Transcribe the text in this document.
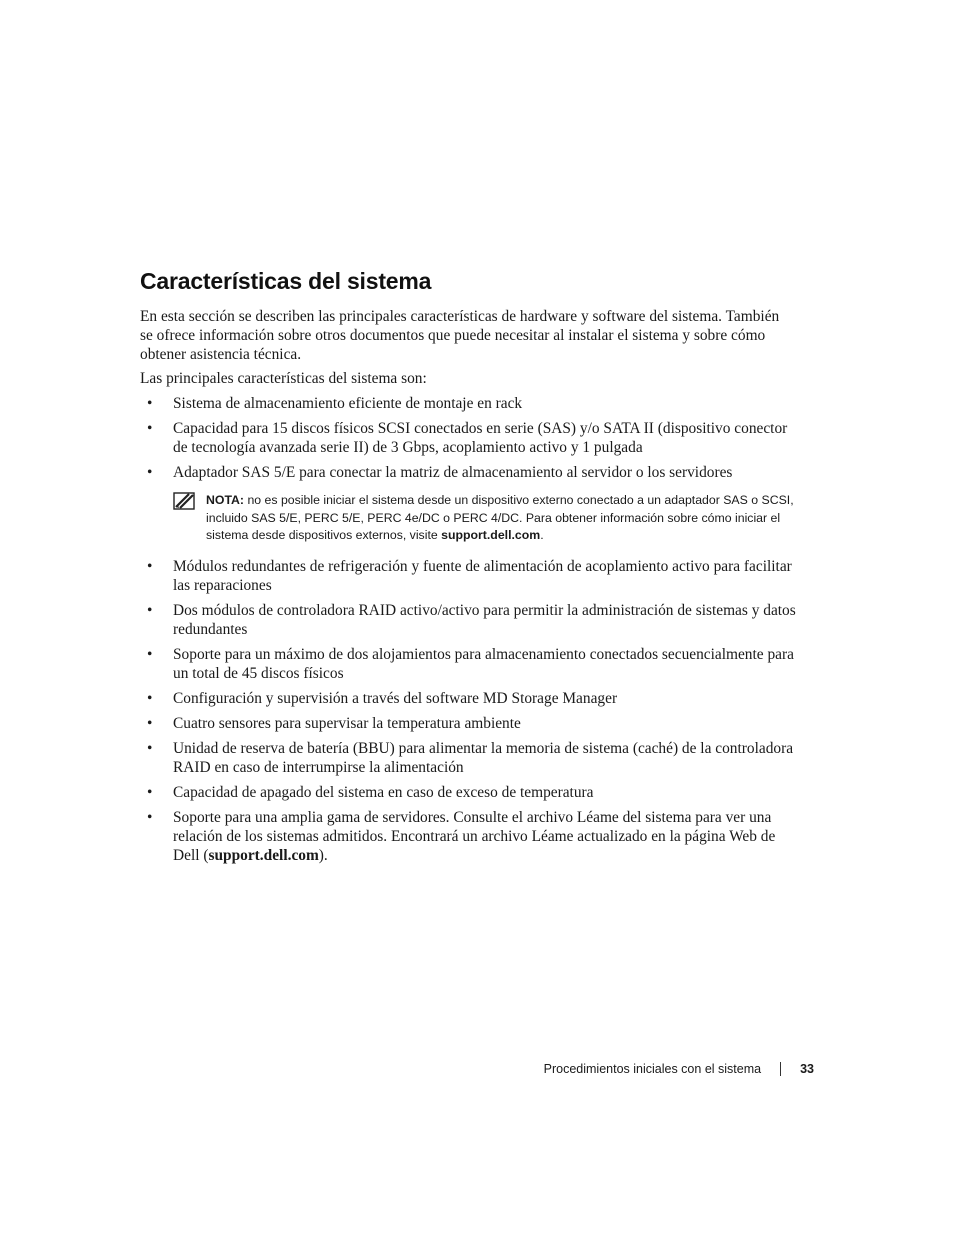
Características del sistema

En esta sección se describen las principales características de hardware y software del sistema. También se ofrece información sobre otros documentos que puede necesitar al instalar el sistema y sobre cómo obtener asistencia técnica.

Las principales características del sistema son:

• Sistema de almacenamiento eficiente de montaje en rack
• Capacidad para 15 discos físicos SCSI conectados en serie (SAS) y/o SATA II (dispositivo conector de tecnología avanzada serie II) de 3 Gbps, acoplamiento activo y 1 pulgada
• Adaptador SAS 5/E para conectar la matriz de almacenamiento al servidor o los servidores
NOTA: no es posible iniciar el sistema desde un dispositivo externo conectado a un adaptador SAS o SCSI, incluido SAS 5/E, PERC 5/E, PERC 4e/DC o PERC 4/DC. Para obtener información sobre cómo iniciar el sistema desde dispositivos externos, visite support.dell.com.
• Módulos redundantes de refrigeración y fuente de alimentación de acoplamiento activo para facilitar las reparaciones
• Dos módulos de controladora RAID activo/activo para permitir la administración de sistemas y datos redundantes
• Soporte para un máximo de dos alojamientos para almacenamiento conectados secuencialmente para un total de 45 discos físicos
• Configuración y supervisión a través del software MD Storage Manager
• Cuatro sensores para supervisar la temperatura ambiente
• Unidad de reserva de batería (BBU) para alimentar la memoria de sistema (caché) de la controladora RAID en caso de interrumpirse la alimentación
• Capacidad de apagado del sistema en caso de exceso de temperatura
• Soporte para una amplia gama de servidores. Consulte el archivo Léame del sistema para ver una relación de los sistemas admitidos. Encontrará un archivo Léame actualizado en la página Web de Dell (support.dell.com).
Procedimientos iniciales con el sistema	33
